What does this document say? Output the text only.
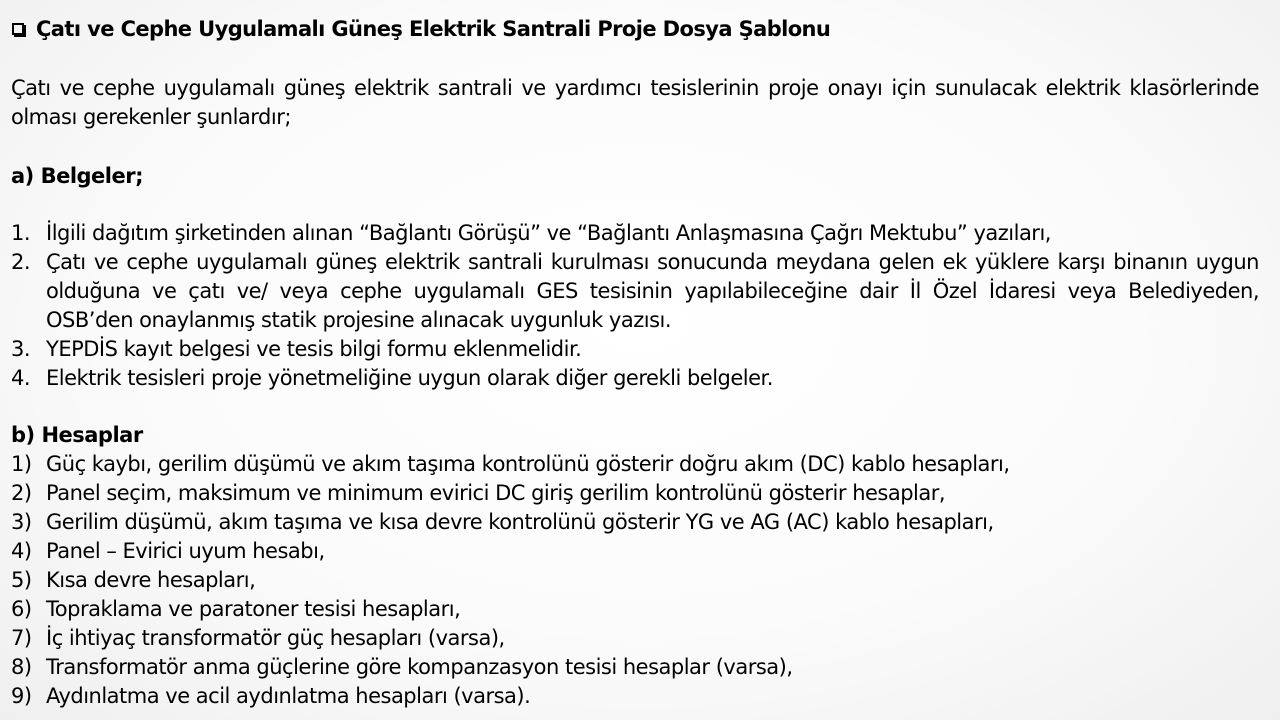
Çatı ve Cephe Uygulamalı Güneş Elektrik Santrali Proje Dosya Şablonu
Çatı ve cephe uygulamalı güneş elektrik santrali ve yardımcı tesislerinin proje onayı için sunulacak elektrik klasörlerinde olması gerekenler şunlardır;
a) Belgeler;
1. İlgili dağıtım şirketinden alınan “Bağlantı Görüşü” ve “Bağlantı Anlaşmasına Çağrı Mektubu” yazıları,
2. Çatı ve cephe uygulamalı güneş elektrik santrali kurulması sonucunda meydana gelen ek yüklere karşı binanın uygun olduğuna ve çatı ve/ veya cephe uygulamalı GES tesisinin yapılabileceğine dair İl Özel İdaresi veya Belediyeden, OSB’den onaylanmış statik projesine alınacak uygunluk yazısı.
3. YEPDİS kayıt belgesi ve tesis bilgi formu eklenmelidir.
4. Elektrik tesisleri proje yönetmeliğine uygun olarak diğer gerekli belgeler.
b) Hesaplar
1) Güç kaybı, gerilim düşümü ve akım taşıma kontrolünü gösterir doğru akım (DC) kablo hesapları,
2) Panel seçim, maksimum ve minimum evirici DC giriş gerilim kontrolünü gösterir hesaplar,
3) Gerilim düşümü, akım taşıma ve kısa devre kontrolünü gösterir YG ve AG (AC) kablo hesapları,
4) Panel – Evirici uyum hesabı,
5) Kısa devre hesapları,
6) Topraklama ve paratoner tesisi hesapları,
7) İç ihtiyaç transformatör güç hesapları (varsa),
8) Transformatör anma güçlerine göre kompanzasyon tesisi hesaplar (varsa),
9) Aydınlatma ve acil aydınlatma hesapları (varsa).
